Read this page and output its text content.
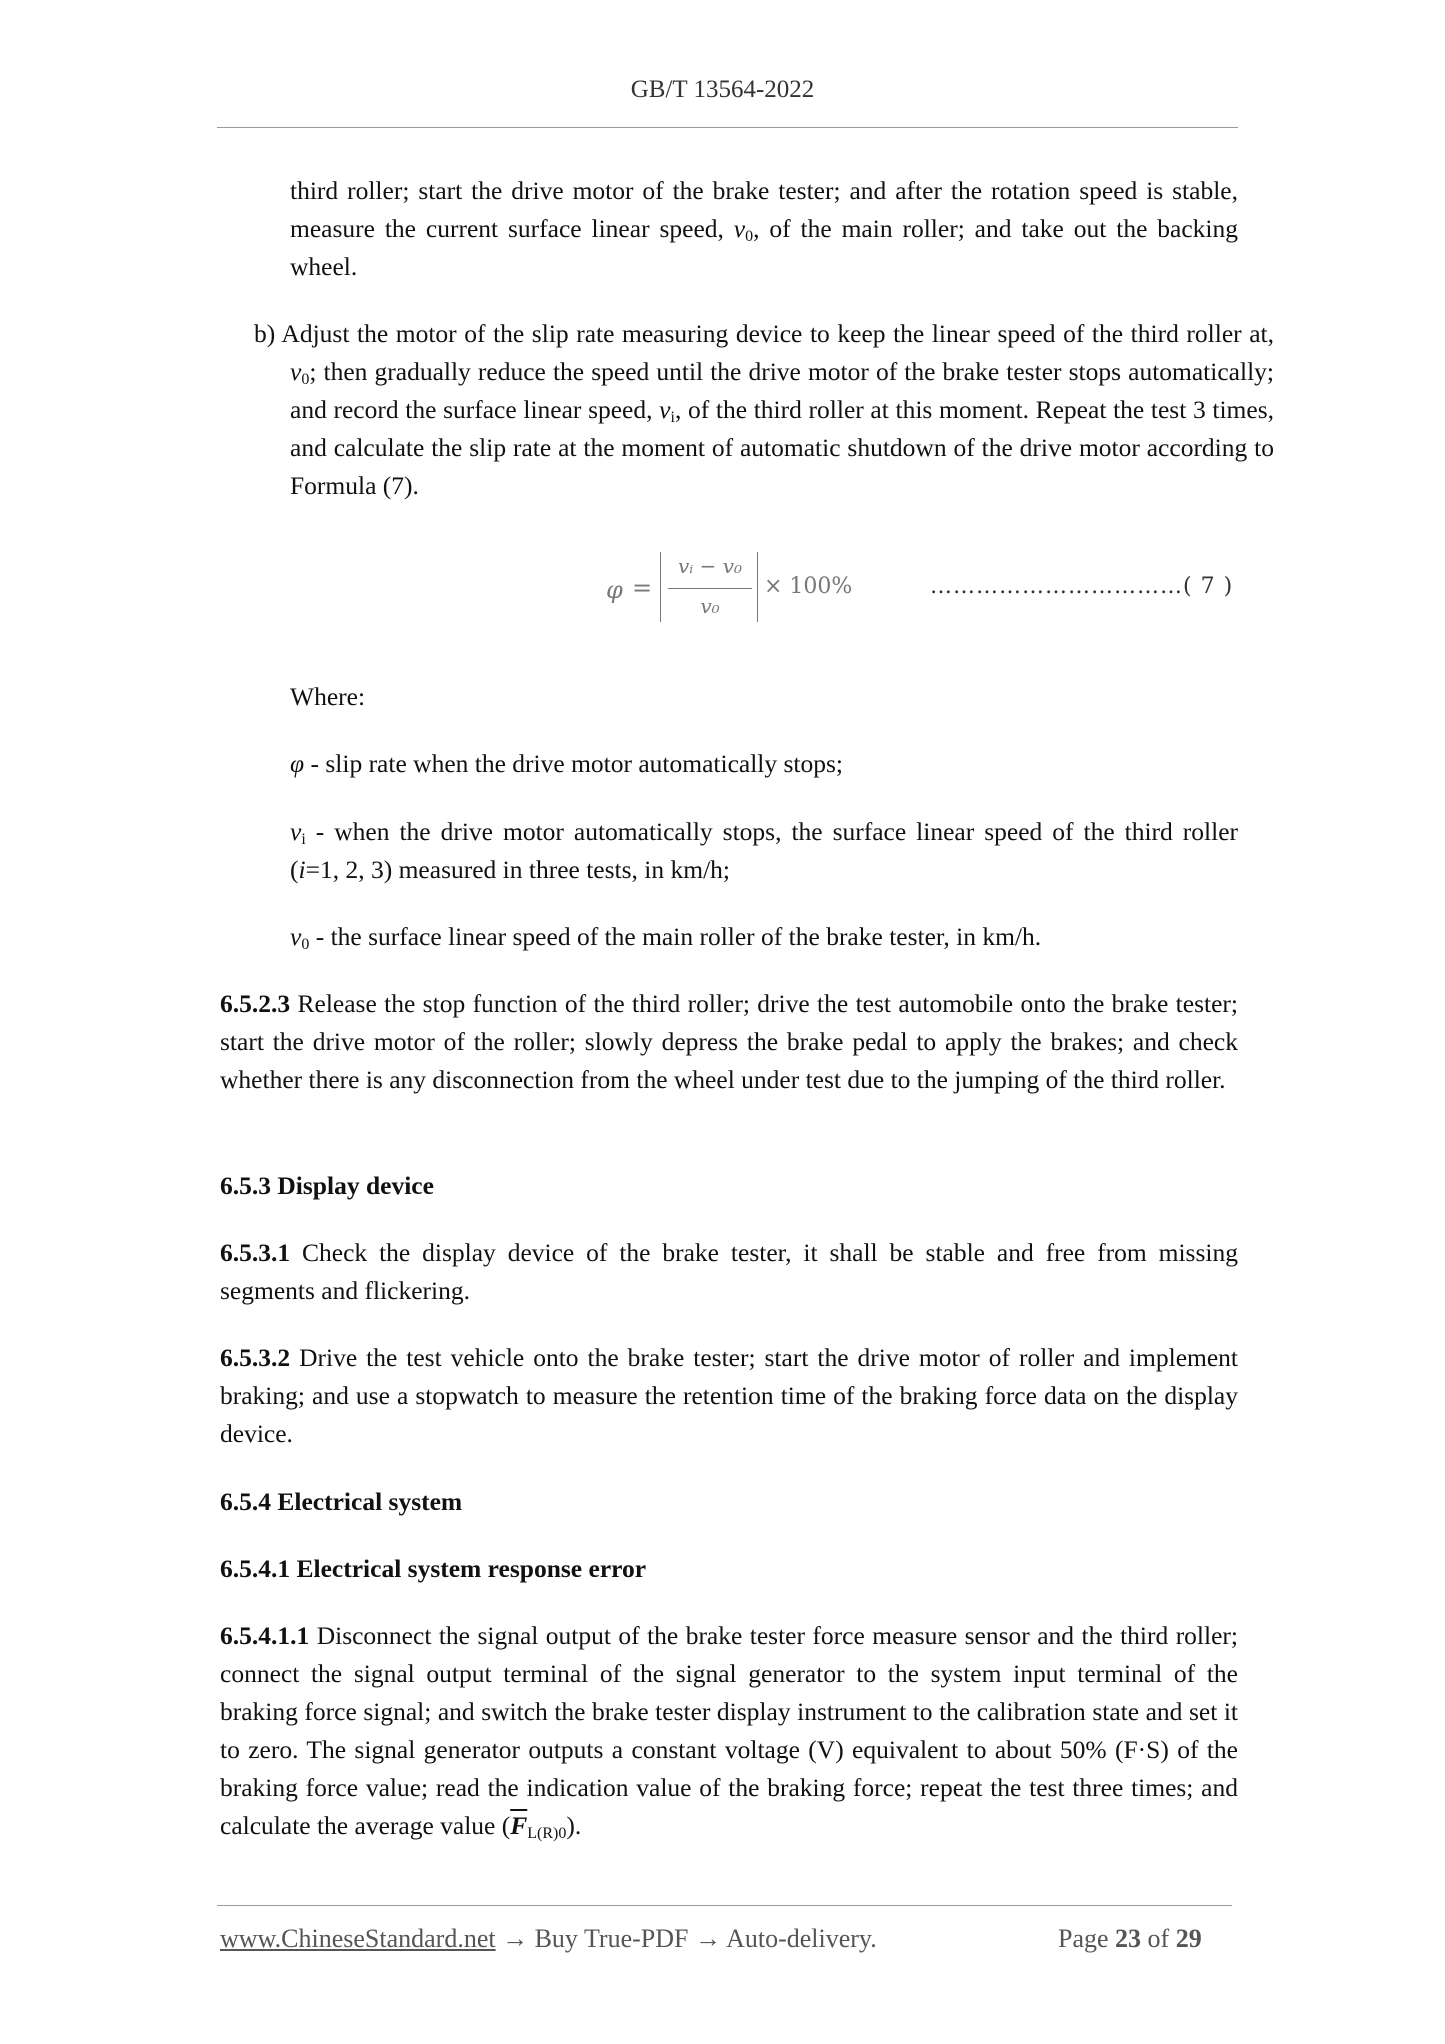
GB/T 13564-2022

third roller; start the drive motor of the brake tester; and after the rotation speed is stable, measure the current surface linear speed, $v_0$, of the main roller; and take out the backing wheel.

b) Adjust the motor of the slip rate measuring device to keep the linear speed of the third roller at, $v_0$; then gradually reduce the speed until the drive motor of the brake tester stops automatically; and record the surface linear speed, $v_i$, of the third roller at this moment. Repeat the test 3 times, and calculate the slip rate at the moment of automatic shutdown of the drive motor according to Formula (7).

φ =
vᵢ − v₀
v₀
× 100%	……………………………( 7 )

Where:

φ - slip rate when the drive motor automatically stops;

$v_i$ - when the drive motor automatically stops, the surface linear speed of the third roller (i=1, 2, 3) measured in three tests, in km/h;

$v_0$ - the surface linear speed of the main roller of the brake tester, in km/h.

6.5.2.3 Release the stop function of the third roller; drive the test automobile onto the brake tester; start the drive motor of the roller; slowly depress the brake pedal to apply the brakes; and check whether there is any disconnection from the wheel under test due to the jumping of the third roller.

6.5.3 Display device

6.5.3.1 Check the display device of the brake tester, it shall be stable and free from missing segments and flickering.

6.5.3.2 Drive the test vehicle onto the brake tester; start the drive motor of roller and implement braking; and use a stopwatch to measure the retention time of the braking force data on the display device.

6.5.4 Electrical system

6.5.4.1 Electrical system response error

6.5.4.1.1 Disconnect the signal output of the brake tester force measure sensor and the third roller; connect the signal output terminal of the signal generator to the system input terminal of the braking force signal; and switch the brake tester display instrument to the calibration state and set it to zero. The signal generator outputs a constant voltage (V) equivalent to about 50% (F·S) of the braking force value; read the indication value of the braking force; repeat the test three times; and calculate the average value $(\overline{F}_{L(R)0})$.

www.ChineseStandard.net → Buy True-PDF → Auto-delivery.	Page 23 of 29
